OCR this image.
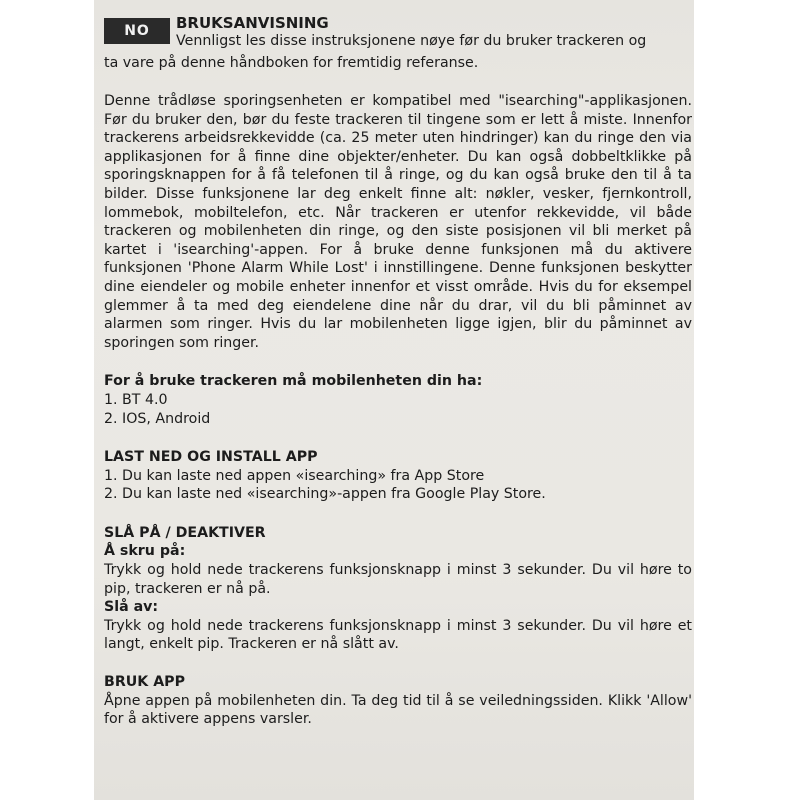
NO	BRUKSANVISNING

Vennligst les disse instruksjonene nøye før du bruker trackeren og

ta vare på denne håndboken for fremtidig referanse.

Denne trådløse sporingsenheten er kompatibel med "isearching"-applikasjonen. Før du bruker den, bør du feste trackeren til tingene som er lett å miste. Innenfor trackerens arbeidsrekkevidde (ca. 25 meter uten hindringer) kan du ringe den via applikasjonen for å finne dine objekter/enheter. Du kan også dobbeltklikke på sporingsknappen for å få telefonen til å ringe, og du kan også bruke den til å ta bilder. Disse funksjonene lar deg enkelt finne alt: nøkler, vesker, fjernkontroll, lommebok, mobiltelefon, etc. Når trackeren er utenfor rekkevidde, vil både trackeren og mobilenheten din ringe, og den siste posisjonen vil bli merket på kartet i 'isearching'-appen. For å bruke denne funksjonen må du aktivere funksjonen 'Phone Alarm While Lost' i innstillingene. Denne funksjonen beskytter dine eiendeler og mobile enheter innenfor et visst område. Hvis du for eksempel glemmer å ta med deg eiendelene dine når du drar, vil du bli påminnet av alarmen som ringer. Hvis du lar mobilenheten ligge igjen, blir du påminnet av sporingen som ringer.

For å bruke trackeren må mobilenheten din ha:

1. BT 4.0

2. IOS, Android

LAST NED OG INSTALL APP

1. Du kan laste ned appen «isearching» fra App Store

2. Du kan laste ned «isearching»-appen fra Google Play Store.

SLÅ PÅ / DEAKTIVER

Å skru på:

Trykk og hold nede trackerens funksjonsknapp i minst 3 sekunder. Du vil høre to pip, trackeren er nå på.

Slå av:

Trykk og hold nede trackerens funksjonsknapp i minst 3 sekunder. Du vil høre et langt, enkelt pip. Trackeren er nå slått av.

BRUK APP

Åpne appen på mobilenheten din. Ta deg tid til å se veiledningssiden. Klikk 'Allow' for å aktivere appens varsler.
